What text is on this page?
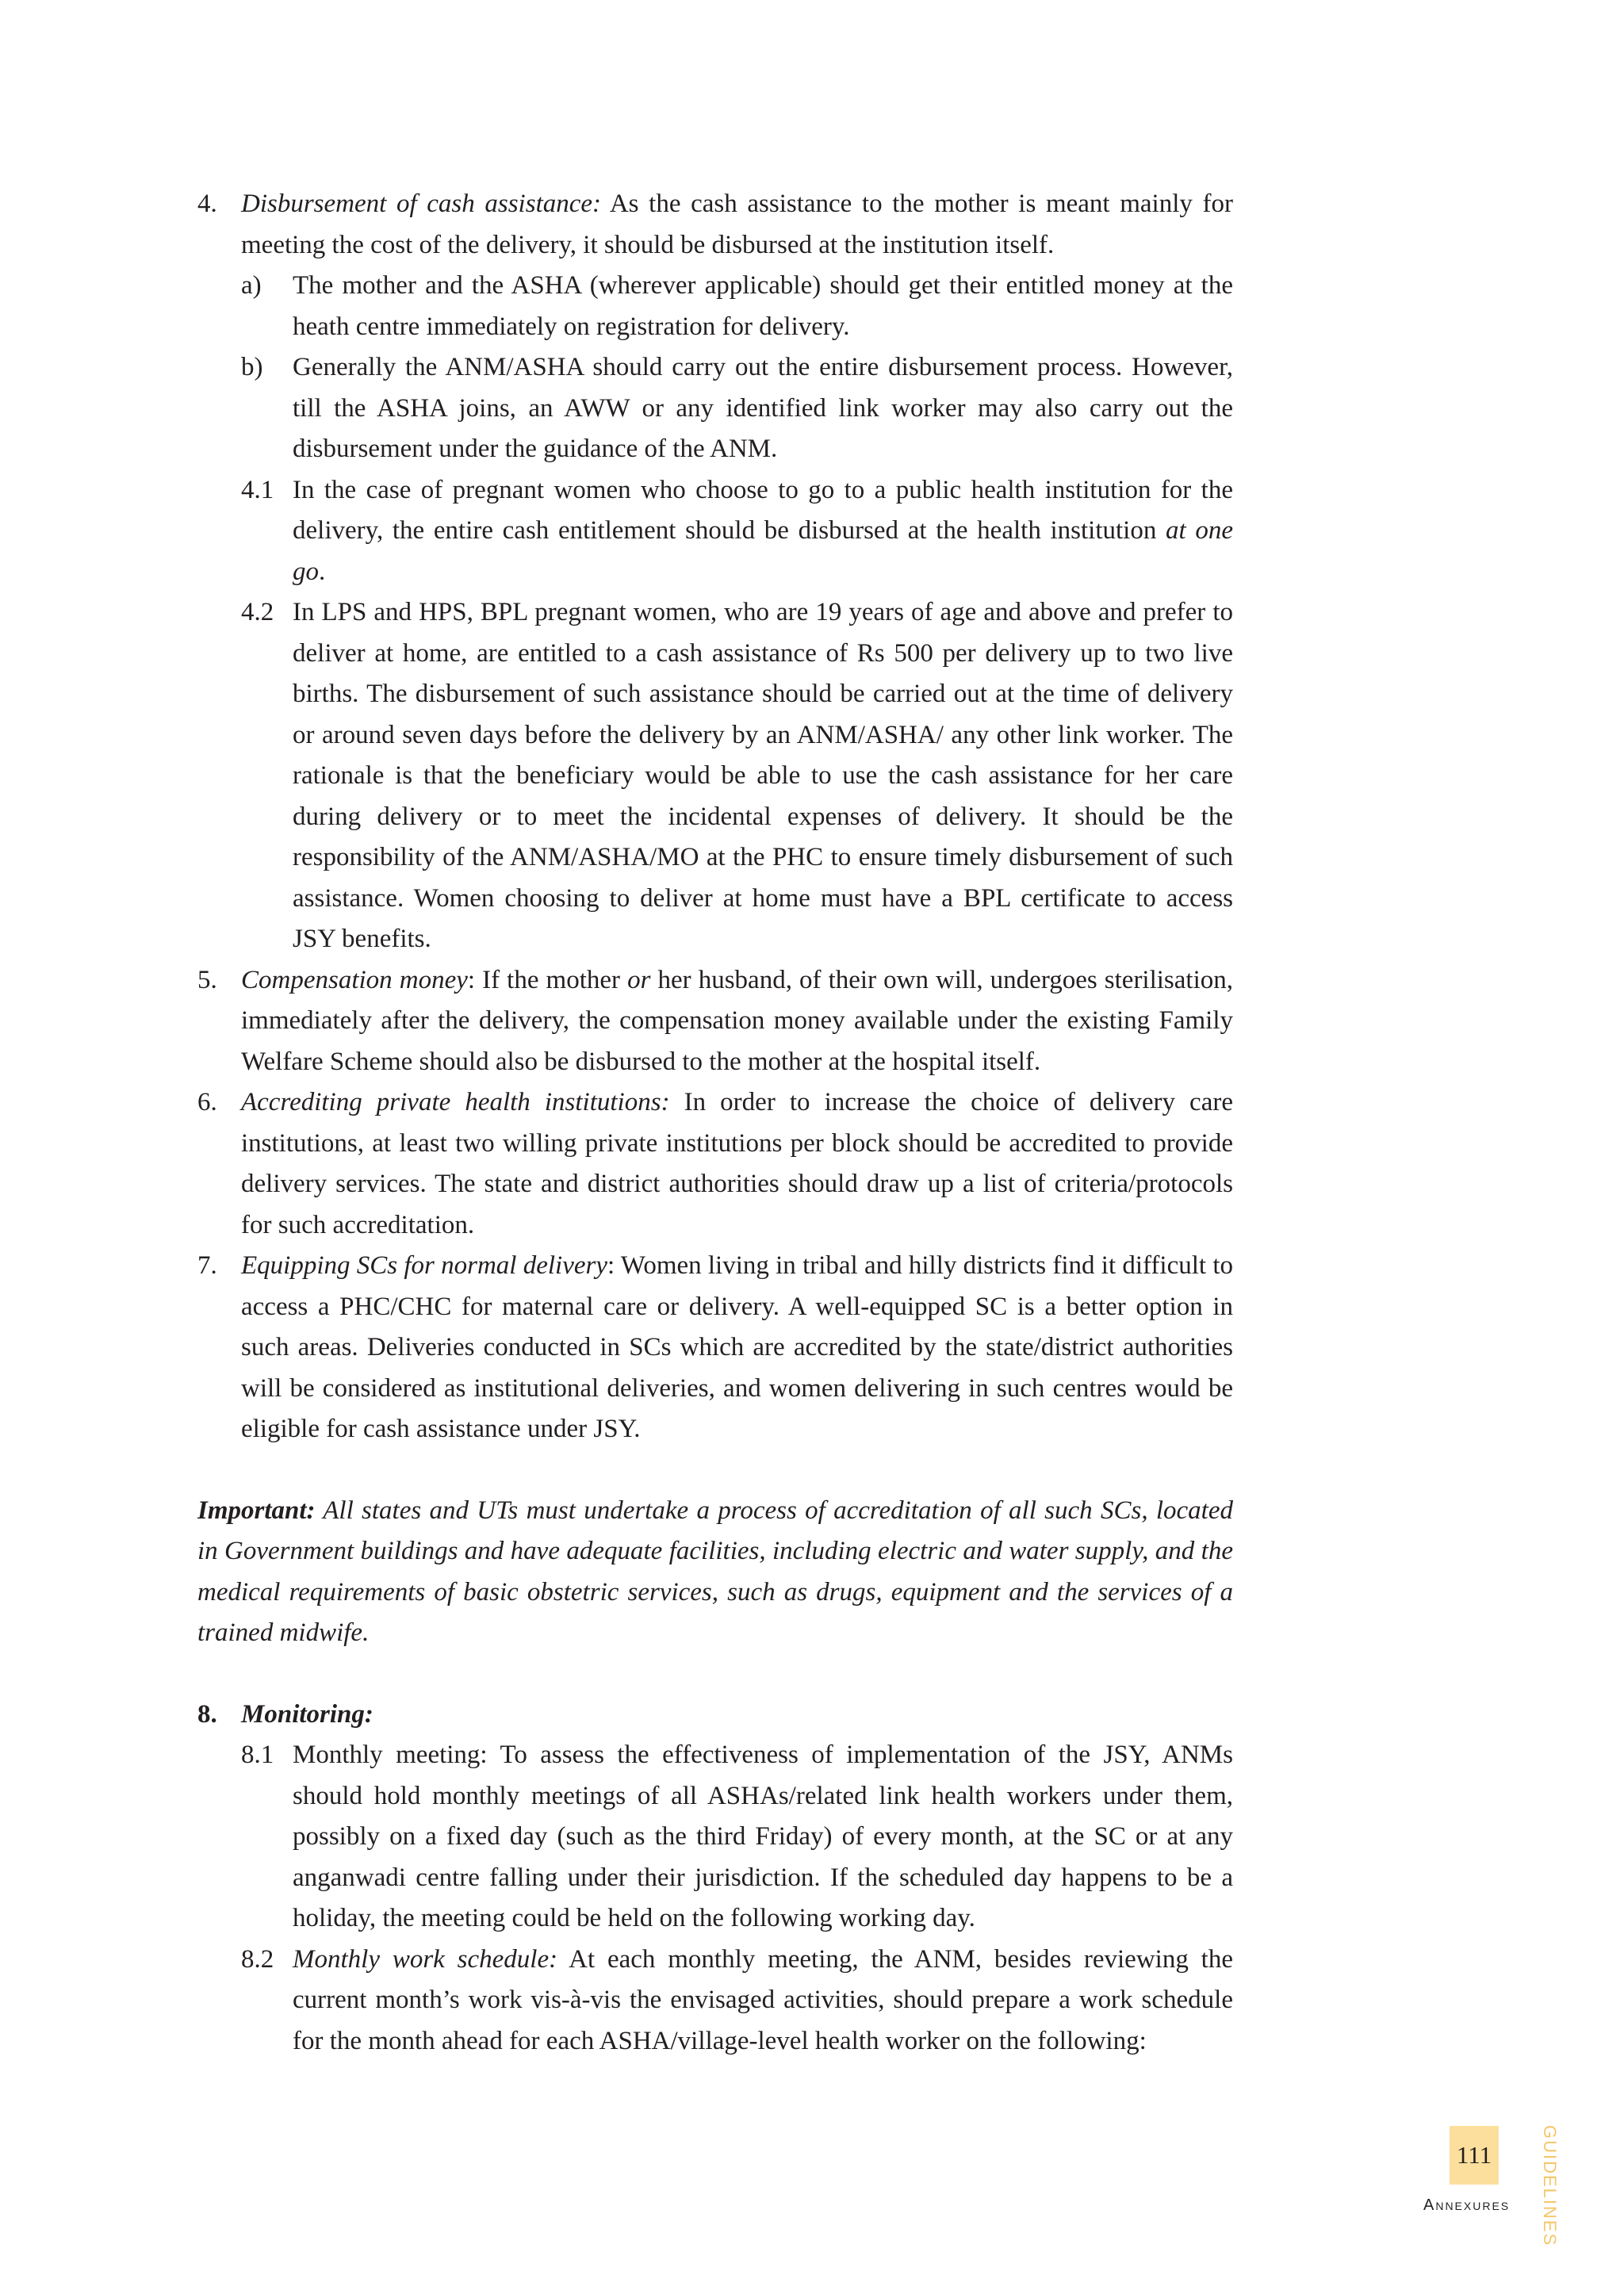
4. Disbursement of cash assistance: As the cash assistance to the mother is meant mainly for meeting the cost of the delivery, it should be disbursed at the institution itself.

a) The mother and the ASHA (wherever applicable) should get their entitled money at the heath centre immediately on registration for delivery.

b) Generally the ANM/ASHA should carry out the entire disbursement process. However, till the ASHA joins, an AWW or any identified link worker may also carry out the disbursement under the guidance of the ANM.

4.1 In the case of pregnant women who choose to go to a public health institution for the delivery, the entire cash entitlement should be disbursed at the health institution at one go.

4.2 In LPS and HPS, BPL pregnant women, who are 19 years of age and above and prefer to deliver at home, are entitled to a cash assistance of Rs 500 per delivery up to two live births. The disbursement of such assistance should be carried out at the time of delivery or around seven days before the delivery by an ANM/ASHA/ any other link worker. The rationale is that the beneficiary would be able to use the cash assistance for her care during delivery or to meet the incidental expenses of delivery. It should be the responsibility of the ANM/ASHA/MO at the PHC to ensure timely disbursement of such assistance. Women choosing to deliver at home must have a BPL certificate to access JSY benefits.

5. Compensation money: If the mother or her husband, of their own will, undergoes sterilisation, immediately after the delivery, the compensation money available under the existing Family Welfare Scheme should also be disbursed to the mother at the hospital itself.

6. Accrediting private health institutions: In order to increase the choice of delivery care institutions, at least two willing private institutions per block should be accredited to provide delivery services. The state and district authorities should draw up a list of criteria/protocols for such accreditation.

7. Equipping SCs for normal delivery: Women living in tribal and hilly districts find it difficult to access a PHC/CHC for maternal care or delivery. A well-equipped SC is a better option in such areas. Deliveries conducted in SCs which are accredited by the state/district authorities will be considered as institutional deliveries, and women delivering in such centres would be eligible for cash assistance under JSY.

Important: All states and UTs must undertake a process of accreditation of all such SCs, located in Government buildings and have adequate facilities, including electric and water supply, and the medical requirements of basic obstetric services, such as drugs, equipment and the services of a trained midwife.

8. Monitoring:

8.1 Monthly meeting: To assess the effectiveness of implementation of the JSY, ANMs should hold monthly meetings of all ASHAs/related link health workers under them, possibly on a fixed day (such as the third Friday) of every month, at the SC or at any anganwadi centre falling under their jurisdiction. If the scheduled day happens to be a holiday, the meeting could be held on the following working day.

8.2 Monthly work schedule: At each monthly meeting, the ANM, besides reviewing the current month’s work vis-à-vis the envisaged activities, should prepare a work schedule for the month ahead for each ASHA/village-level health worker on the following:

111
Annexures GUIDELINES
